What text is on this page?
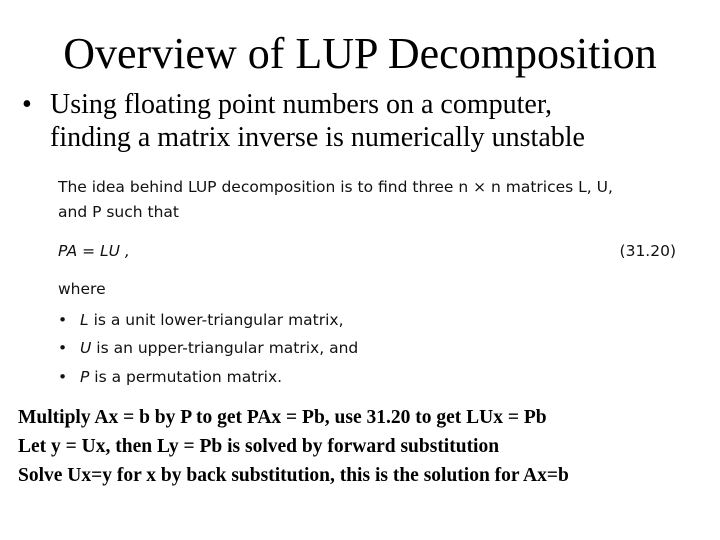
Overview of LUP Decomposition
• Using floating point numbers on a computer,
finding a matrix inverse is numerically unstable
The idea behind LUP decomposition is to find three n × n matrices L, U,
and P such that
PA = LU ,	(31.20)
where
• L is a unit lower-triangular matrix,
• U is an upper-triangular matrix, and
• P is a permutation matrix.
Multiply Ax = b by P to get PAx = Pb, use 31.20 to get LUx = Pb
Let y = Ux, then Ly = Pb is solved by forward substitution
Solve Ux=y for x by back substitution, this is the solution for Ax=b
